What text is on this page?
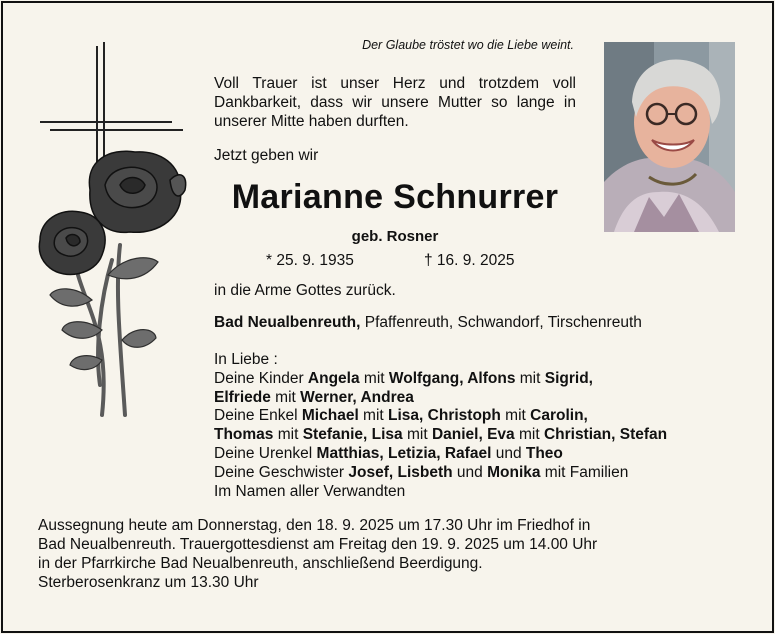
Der Glaube tröstet wo die Liebe weint.
Voll Trauer ist unser Herz und trotzdem voll Dankbarkeit, dass wir unsere Mutter so lange in unserer Mitte haben durften.
Jetzt geben wir
Marianne Schnurrer
geb. Rosner
* 25. 9. 1935	† 16. 9. 2025
in die Arme Gottes zurück.
Bad Neualbenreuth, Pfaffenreuth, Schwandorf, Tirschenreuth
In Liebe :
Deine Kinder Angela mit Wolfgang, Alfons mit Sigrid,
Elfriede mit Werner, Andrea
Deine Enkel Michael mit Lisa, Christoph mit Carolin,
Thomas mit Stefanie, Lisa mit Daniel, Eva mit Christian, Stefan
Deine Urenkel Matthias, Letizia, Rafael und Theo
Deine Geschwister Josef, Lisbeth und Monika mit Familien
Im Namen aller Verwandten
Aussegnung heute am Donnerstag, den 18. 9. 2025 um 17.30 Uhr im Friedhof in
Bad Neualbenreuth. Trauergottesdienst am Freitag den 19. 9. 2025 um 14.00 Uhr
in der Pfarrkirche Bad Neualbenreuth, anschließend Beerdigung.
Sterberosenkranz um 13.30 Uhr
